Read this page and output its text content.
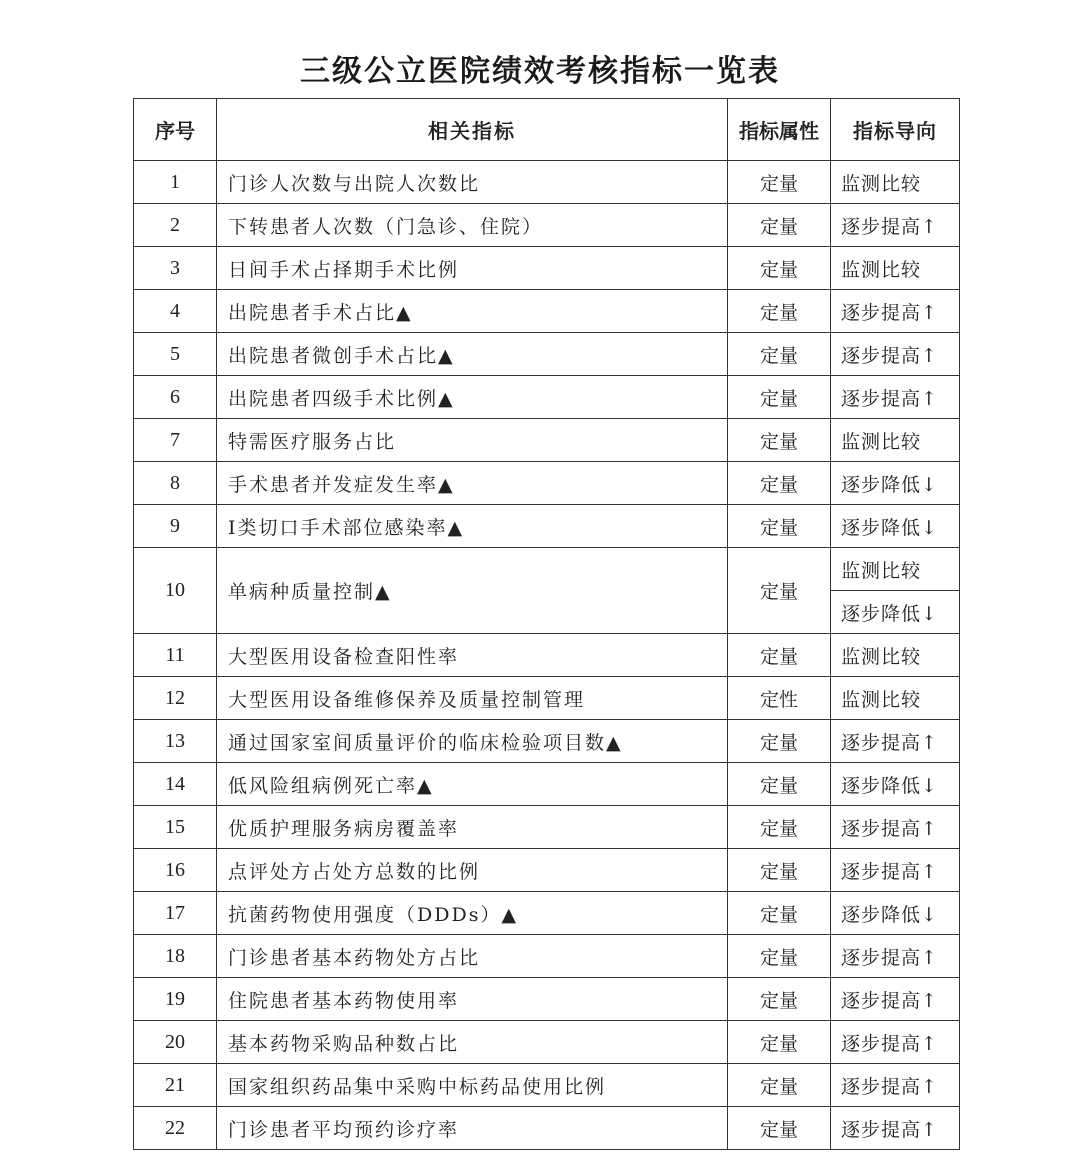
三级公立医院绩效考核指标一览表
序号	相关指标	指标属性	指标导向
1	门诊人次数与出院人次数比	定量	监测比较
2	下转患者人次数（门急诊、住院）	定量	逐步提高↑
3	日间手术占择期手术比例	定量	监测比较
4	出院患者手术占比▲	定量	逐步提高↑
5	出院患者微创手术占比▲	定量	逐步提高↑
6	出院患者四级手术比例▲	定量	逐步提高↑
7	特需医疗服务占比	定量	监测比较
8	手术患者并发症发生率▲	定量	逐步降低↓
9	I类切口手术部位感染率▲	定量	逐步降低↓
10	单病种质量控制▲	定量	监测比较
			逐步降低↓
11	大型医用设备检查阳性率	定量	监测比较
12	大型医用设备维修保养及质量控制管理	定性	监测比较
13	通过国家室间质量评价的临床检验项目数▲	定量	逐步提高↑
14	低风险组病例死亡率▲	定量	逐步降低↓
15	优质护理服务病房覆盖率	定量	逐步提高↑
16	点评处方占处方总数的比例	定量	逐步提高↑
17	抗菌药物使用强度（DDDs）▲	定量	逐步降低↓
18	门诊患者基本药物处方占比	定量	逐步提高↑
19	住院患者基本药物使用率	定量	逐步提高↑
20	基本药物采购品种数占比	定量	逐步提高↑
21	国家组织药品集中采购中标药品使用比例	定量	逐步提高↑
22	门诊患者平均预约诊疗率	定量	逐步提高↑
